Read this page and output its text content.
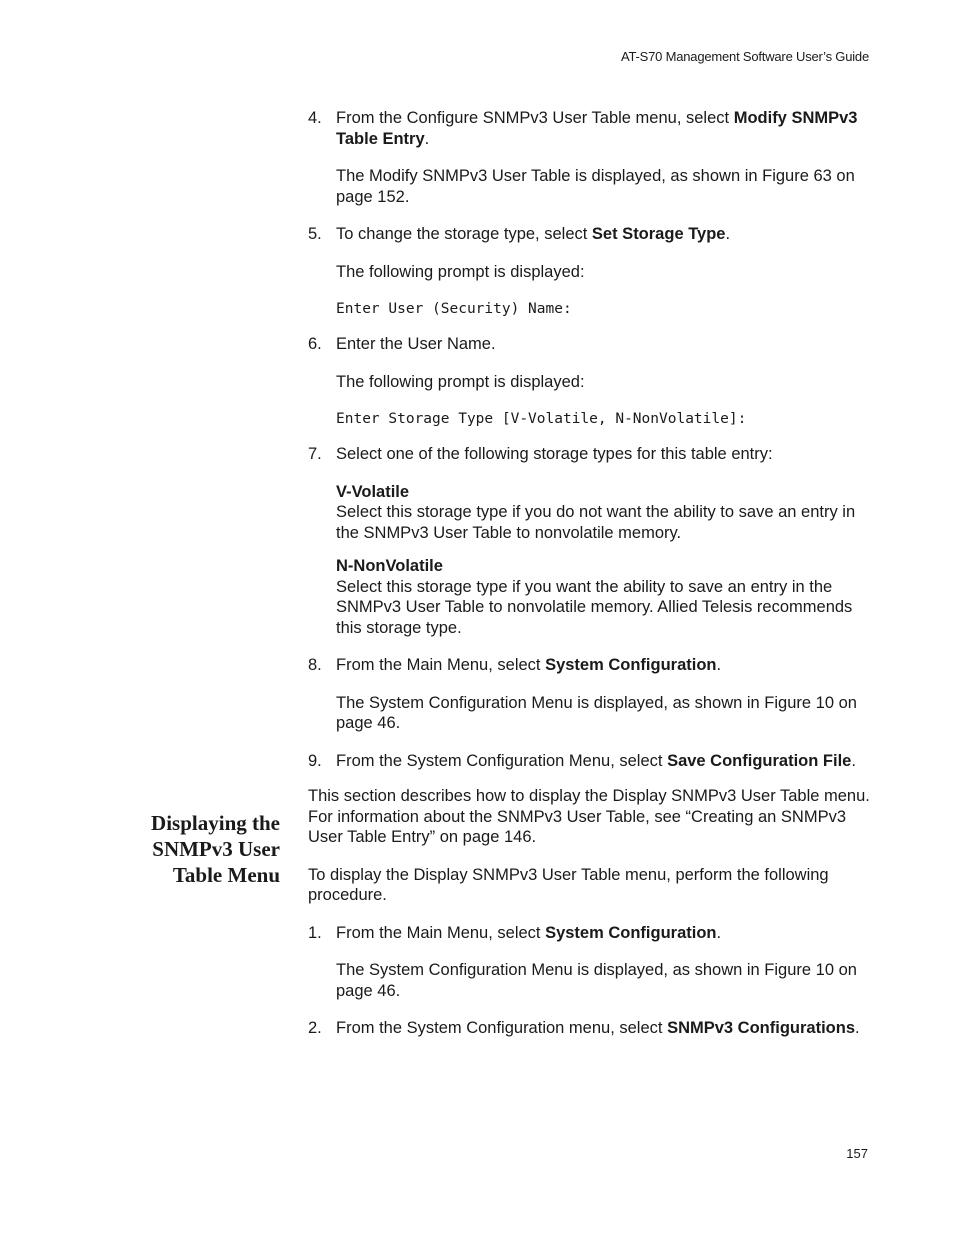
AT-S70 Management Software User’s Guide
Displaying the
SNMPv3 User
Table Menu
4. From the Configure SNMPv3 User Table menu, select Modify SNMPv3 Table Entry.
The Modify SNMPv3 User Table is displayed, as shown in Figure 63 on page 152.
5. To change the storage type, select Set Storage Type.
The following prompt is displayed:
Enter User (Security) Name:
6. Enter the User Name.
The following prompt is displayed:
Enter Storage Type [V-Volatile, N-NonVolatile]:
7. Select one of the following storage types for this table entry:
V-Volatile
Select this storage type if you do not want the ability to save an entry in the SNMPv3 User Table to nonvolatile memory.
N-NonVolatile
Select this storage type if you want the ability to save an entry in the SNMPv3 User Table to nonvolatile memory. Allied Telesis recommends this storage type.
8. From the Main Menu, select System Configuration.
The System Configuration Menu is displayed, as shown in Figure 10 on page 46.
9. From the System Configuration Menu, select Save Configuration File.
This section describes how to display the Display SNMPv3 User Table menu. For information about the SNMPv3 User Table, see “Creating an SNMPv3 User Table Entry” on page 146.
To display the Display SNMPv3 User Table menu, perform the following procedure.
1. From the Main Menu, select System Configuration.
The System Configuration Menu is displayed, as shown in Figure 10 on page 46.
2. From the System Configuration menu, select SNMPv3 Configurations.
157
